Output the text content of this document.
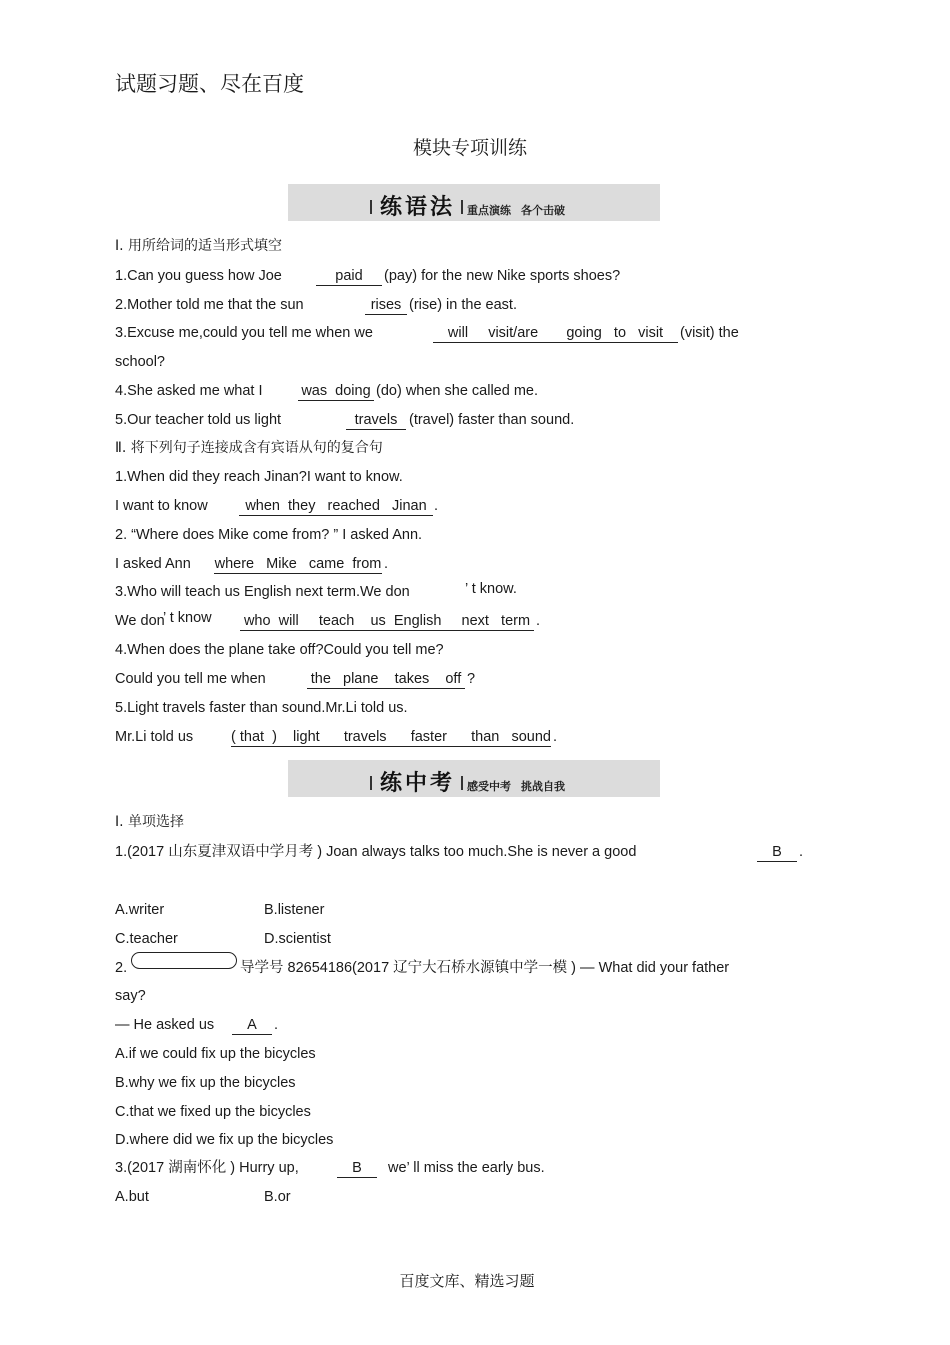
试题习题、尽在百度
模块专项训练
练语法 重点演练 各个击破
Ⅰ. 用所给词的适当形式填空
1.Can you guess how Joe	paid	(pay) for the new Nike sports shoes?
2.Mother told me that the sun	rises (rise) in the east.
3.Excuse me,could you tell me when we	will     visit/are       going   to   visit	(visit) the
school?
4.She asked me what I	was  doing (do) when she called me.
5.Our teacher told us light	travels (travel) faster than sound.
Ⅱ. 将下列句子连接成含有宾语从句的复合句
1.When did they reach Jinan?I want to know.
I want to know	when  they   reached   Jinan .
2. “Where does Mike come from? ” I asked Ann.
I asked Ann where   Mike   came  from .
3.Who will teach us English next term.We don	’ t know.
We don
’ t know who  will     teach    us  English     next   term .
4.When does the plane take off?Could you tell me?
Could you tell me when	the   plane    takes    off ?
5.Light travels faster than sound.Mr.Li told us.
Mr.Li told us	( that  )    light      travels      faster      than   sound .
练中考 感受中考 挑战自我
Ⅰ. 单项选择
1.(2017 山东夏津双语中学月考 ) Joan always talks too much.She is never a good	B	.
A.writer	B.listener
C.teacher	D.scientist
2.	导学号 82654186(2017 辽宁大石桥水源镇中学一模 ) — What did your father
say?
— He asked us	A	.
A.if we could fix up the bicycles
B.why we fix up the bicycles
C.that we fixed up the bicycles
D.where did we fix up the bicycles
3.(2017 湖南怀化 ) Hurry up,	B	we’ ll miss the early bus.
A.but	B.or
百度文库、精选习题
